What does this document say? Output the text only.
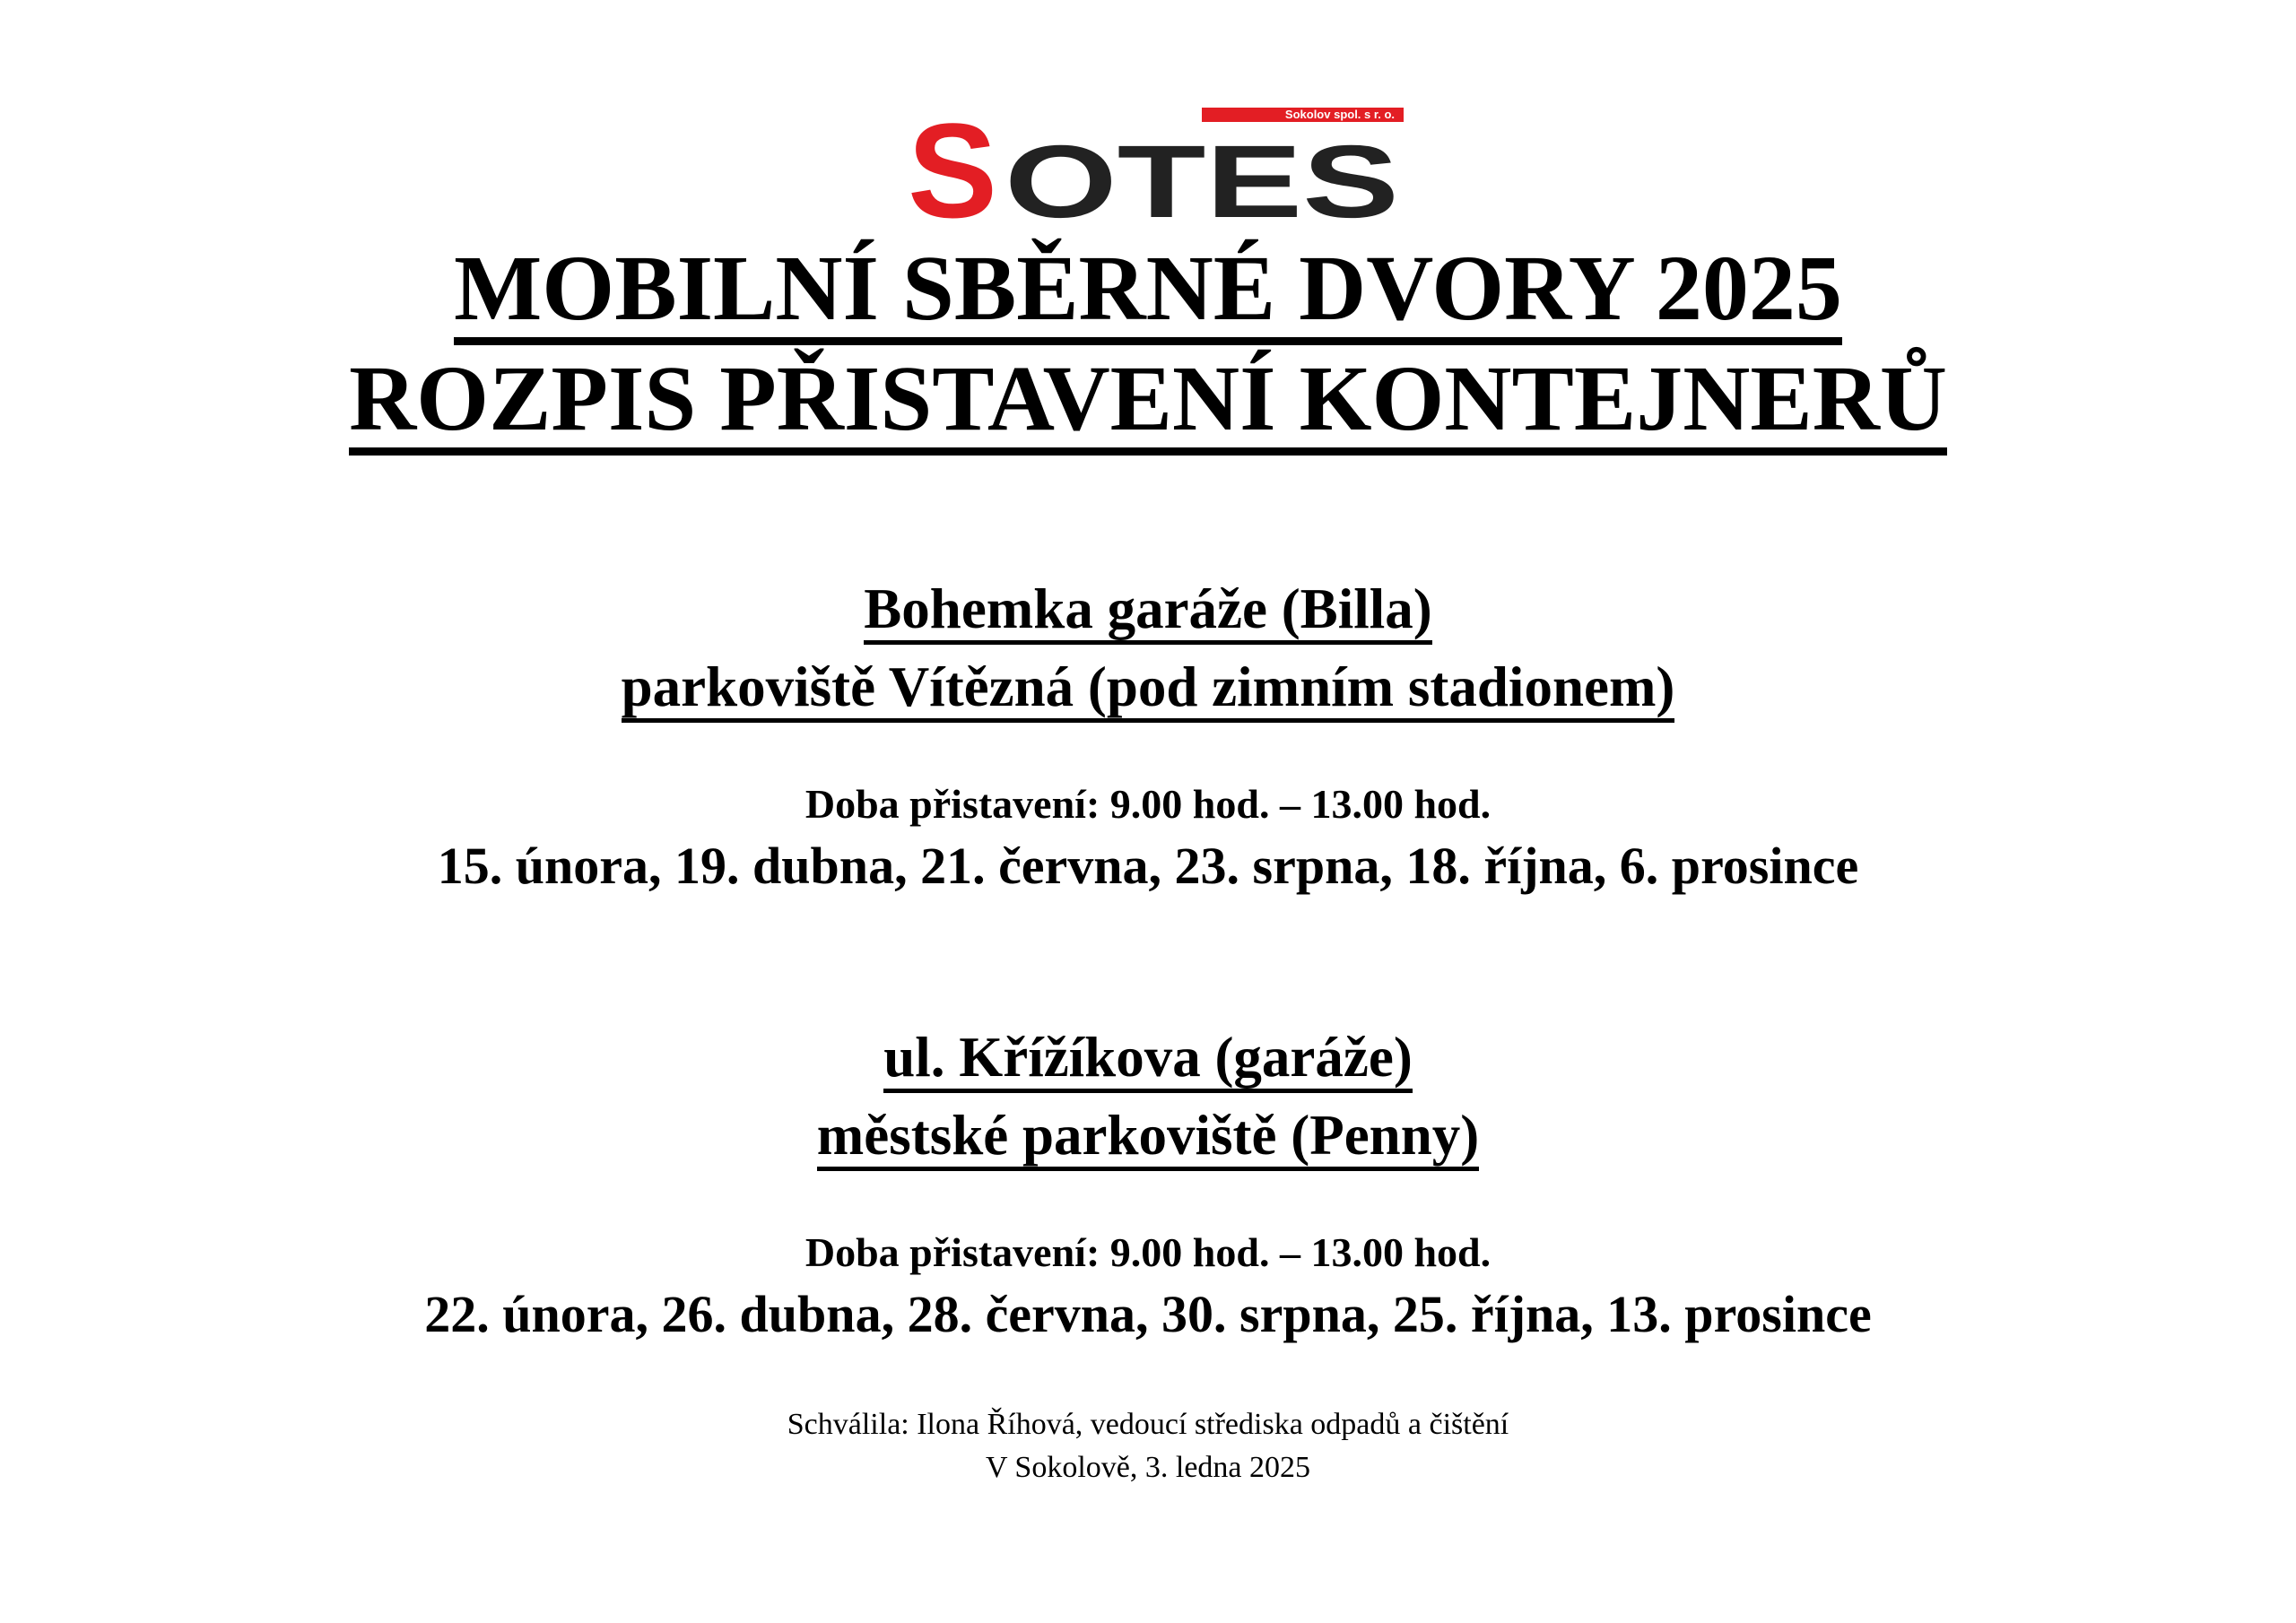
Sokolov spol. s r. o.
S OTES
MOBILNÍ SBĚRNÉ DVORY 2025
ROZPIS PŘISTAVENÍ KONTEJNERŮ
Bohemka garáže (Billa)
parkoviště Vítězná (pod zimním stadionem)
Doba přistavení: 9.00 hod. – 13.00 hod.
15. února, 19. dubna, 21. června, 23. srpna, 18. října, 6. prosince
ul. Křížíkova (garáže)
městské parkoviště (Penny)
Doba přistavení: 9.00 hod. – 13.00 hod.
22. února, 26. dubna, 28. června, 30. srpna, 25. října, 13. prosince
Schválila: Ilona Říhová, vedoucí střediska odpadů a čištění
V Sokolově, 3. ledna 2025
